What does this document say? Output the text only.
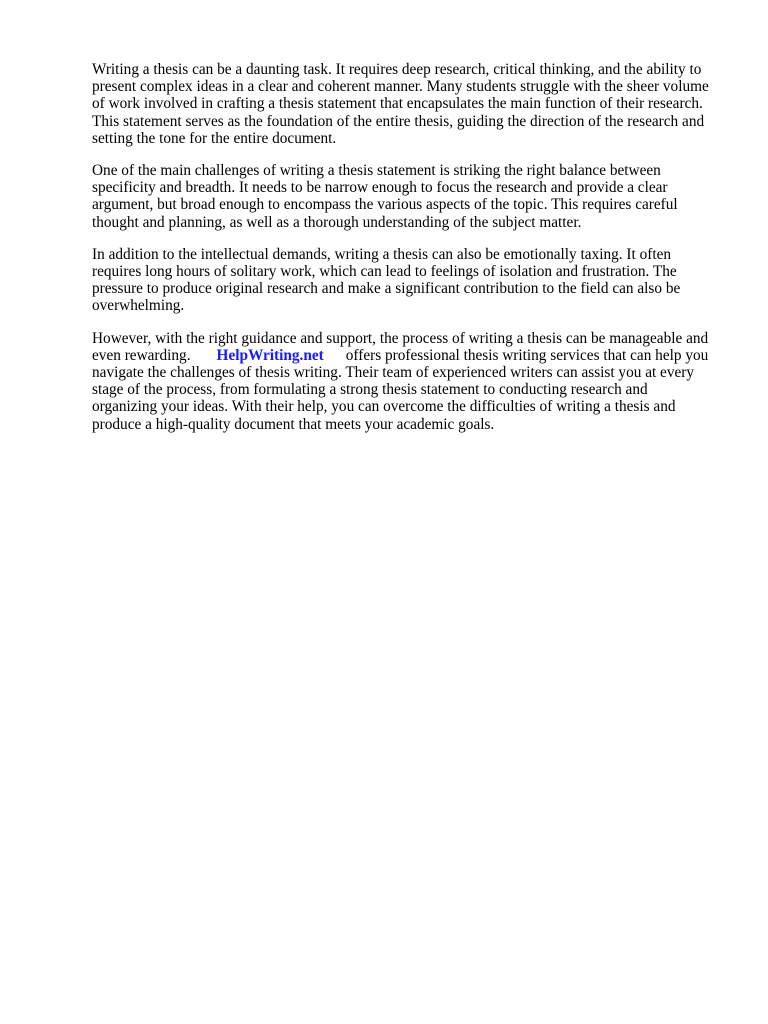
Writing a thesis can be a daunting task. It requires deep research, critical thinking, and the ability to
present complex ideas in a clear and coherent manner. Many students struggle with the sheer volume
of work involved in crafting a thesis statement that encapsulates the main function of their research.
This statement serves as the foundation of the entire thesis, guiding the direction of the research and
setting the tone for the entire document.

One of the main challenges of writing a thesis statement is striking the right balance between
specificity and breadth. It needs to be narrow enough to focus the research and provide a clear
argument, but broad enough to encompass the various aspects of the topic. This requires careful
thought and planning, as well as a thorough understanding of the subject matter.

In addition to the intellectual demands, writing a thesis can also be emotionally taxing. It often
requires long hours of solitary work, which can lead to feelings of isolation and frustration. The
pressure to produce original research and make a significant contribution to the field can also be
overwhelming.

However, with the right guidance and support, the process of writing a thesis can be manageable and
even rewarding. HelpWriting.net offers professional thesis writing services that can help you
navigate the challenges of thesis writing. Their team of experienced writers can assist you at every
stage of the process, from formulating a strong thesis statement to conducting research and
organizing your ideas. With their help, you can overcome the difficulties of writing a thesis and
produce a high-quality document that meets your academic goals.
